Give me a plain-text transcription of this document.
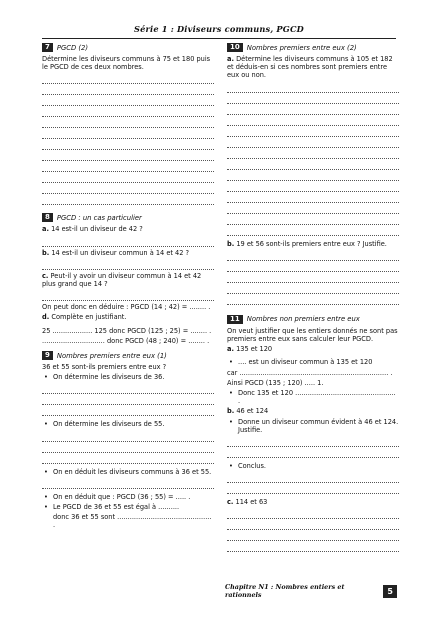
Série 1 : Diviseurs communs, PGCD
7	PGCD (2)
Détermine les diviseurs communs à 75 et 180 puis le PGCD de ces deux nombres.
8	PGCD : un cas particulier
a. 14 est-il un diviseur de 42 ?
b. 14 est-il un diviseur commun à 14 et 42 ?
c. Peut-il y avoir un diviseur commun à 14 et 42 plus grand que 14 ?
On peut donc en déduire : PGCD (14 ; 42) = ........ .
d. Complète en justifiant.
25 ................... 125 donc PGCD (125 ; 25) = ........ .
.............................. donc PGCD (48 ; 240) = ........ .
9	Nombres premiers entre eux (1)
36 et 55 sont-ils premiers entre eux ?
• On détermine les diviseurs de 36.
• On détermine les diviseurs de 55.
• On en déduit les diviseurs communs à 36 et 55.
• On en déduit que : PGCD (36 ; 55) = ..... .
• Le PGCD de 36 et 55 est égal à ..........
donc 36 et 55 sont ............................................. .
10	Nombres premiers entre eux (2)
a. Détermine les diviseurs communs à 105 et 182 et déduis-en si ces nombres sont premiers entre eux ou non.
b. 19 et 56 sont-ils premiers entre eux ? Justifie.
11	Nombres non premiers entre eux
On veut justifier que les entiers donnés ne sont pas premiers entre eux sans calculer leur PGCD.
a. 135 et 120
• .... est un diviseur commun à 135 et 120
car ....................................................................... .
Ainsi PGCD (135 ; 120) ..... 1.
• Donc 135 et 120 ................................................ .
b. 46 et 124
• Donne un diviseur commun évident à 46 et 124. Justifie.
• Conclus.
c. 114 et 63
Chapitre N1 : Nombres entiers et rationnels	5
